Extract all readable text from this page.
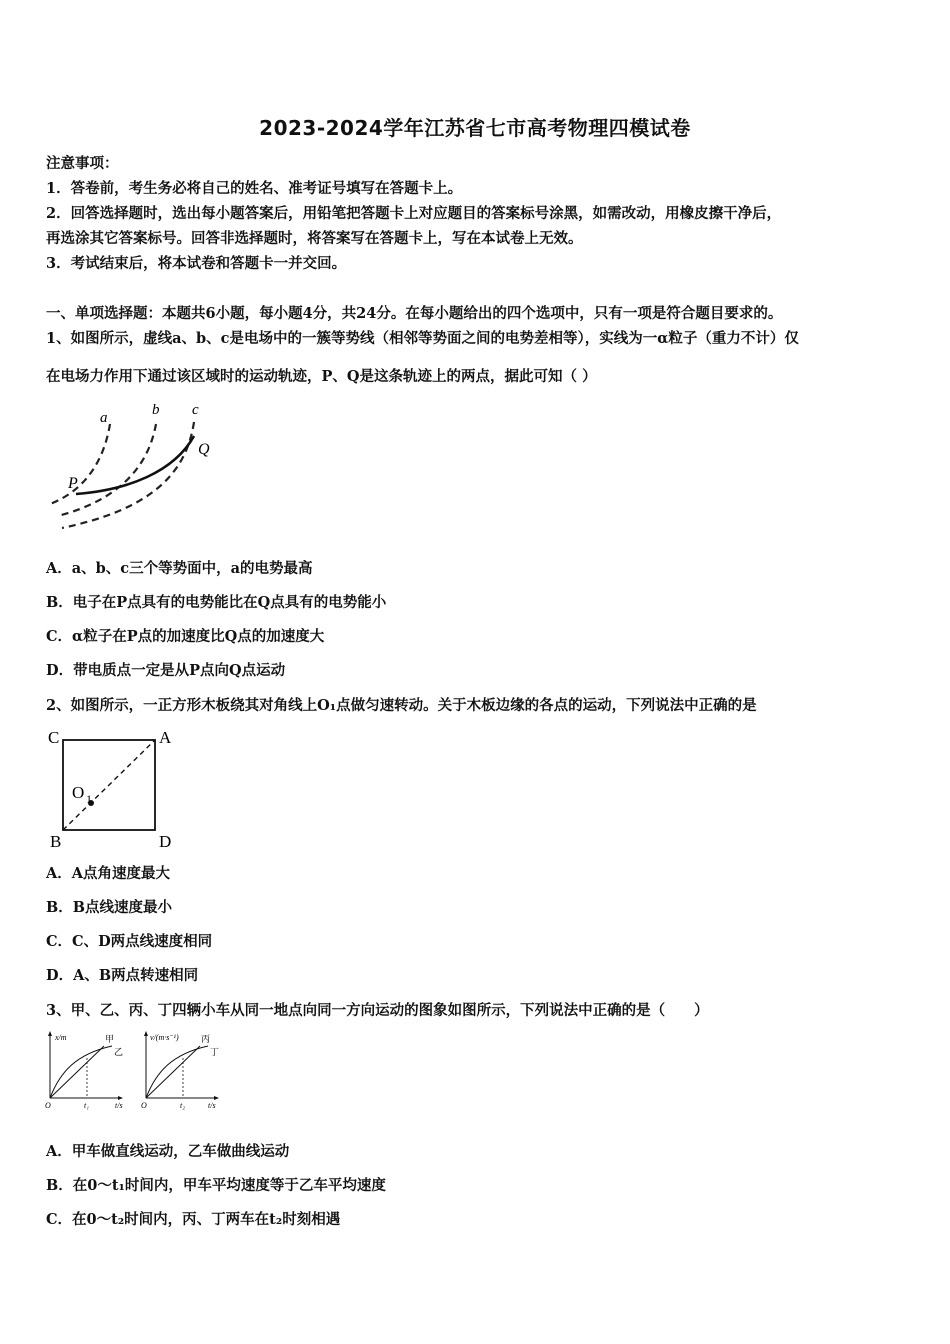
2023-2024学年江苏省七市高考物理四模试卷
注意事项：
1．答卷前，考生务必将自己的姓名、准考证号填写在答题卡上。
2．回答选择题时，选出每小题答案后，用铅笔把答题卡上对应题目的答案标号涂黑，如需改动，用橡皮擦干净后，
再选涂其它答案标号。回答非选择题时，将答案写在答题卡上，写在本试卷上无效。
3．考试结束后，将本试卷和答题卡一并交回。
一、单项选择题：本题共6小题，每小题4分，共24分。在每小题给出的四个选项中，只有一项是符合题目要求的。
1、如图所示，虚线a、b、c是电场中的一簇等势线（相邻等势面之间的电势差相等），实线为一α粒子（重力不计）仅
在电场力作用下通过该区域时的运动轨迹，P、Q是这条轨迹上的两点，据此可知（ ）
a	b c
P
Q
A．a、b、c三个等势面中，a的电势最高
B．电子在P点具有的电势能比在Q点具有的电势能小
C．α粒子在P点的加速度比Q点的加速度大
D．带电质点一定是从P点向Q点运动
2、如图所示，一正方形木板绕其对角线上O₁点做匀速转动。关于木板边缘的各点的运动，下列说法中正确的是
C	A
B	D
O 1
A．A点角速度最大
B．B点线速度最小
C．C、D两点线速度相同
D．A、B两点转速相同
3、甲、乙、丙、丁四辆小车从同一地点向同一方向运动的图象如图所示，下列说法中正确的是（　　）
x/m
t/s
O	t₁
甲
乙
v/(m·s⁻¹)
t/s
O	t₂
丙
丁
A．甲车做直线运动，乙车做曲线运动
B．在0～t₁时间内，甲车平均速度等于乙车平均速度
C．在0～t₂时间内，丙、丁两车在t₂时刻相遇
